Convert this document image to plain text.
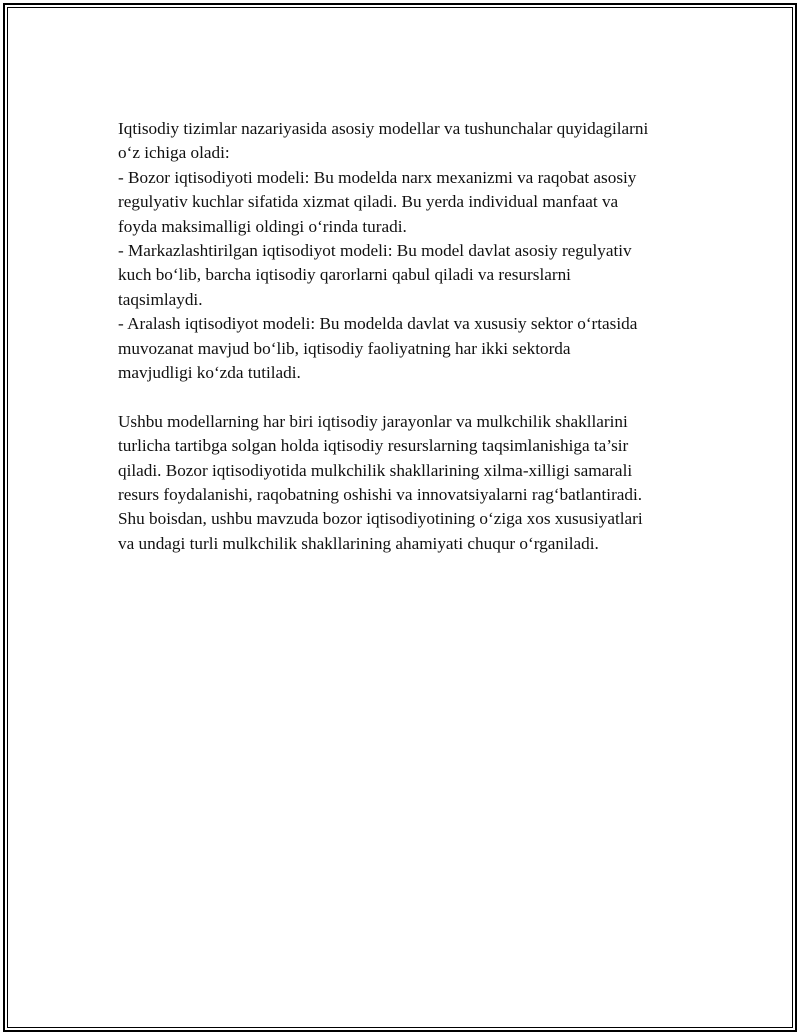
Iqtisodiy tizimlar nazariyasida asosiy modellar va tushunchalar quyidagilarni

o‘z ichiga oladi:

- Bozor iqtisodiyoti modeli: Bu modelda narx mexanizmi va raqobat asosiy

regulyativ kuchlar sifatida xizmat qiladi. Bu yerda individual manfaat va

foyda maksimalligi oldingi o‘rinda turadi.

- Markazlashtirilgan iqtisodiyot modeli: Bu model davlat asosiy regulyativ

kuch bo‘lib, barcha iqtisodiy qarorlarni qabul qiladi va resurslarni

taqsimlaydi.

- Aralash iqtisodiyot modeli: Bu modelda davlat va xususiy sektor o‘rtasida

muvozanat mavjud bo‘lib, iqtisodiy faoliyatning har ikki sektorda

mavjudligi ko‘zda tutiladi.

Ushbu modellarning har biri iqtisodiy jarayonlar va mulkchilik shakllarini

turlicha tartibga solgan holda iqtisodiy resurslarning taqsimlanishiga ta’sir

qiladi. Bozor iqtisodiyotida mulkchilik shakllarining xilma-xilligi samarali

resurs foydalanishi, raqobatning oshishi va innovatsiyalarni rag‘batlantiradi.

Shu boisdan, ushbu mavzuda bozor iqtisodiyotining o‘ziga xos xususiyatlari

va undagi turli mulkchilik shakllarining ahamiyati chuqur o‘rganiladi.
